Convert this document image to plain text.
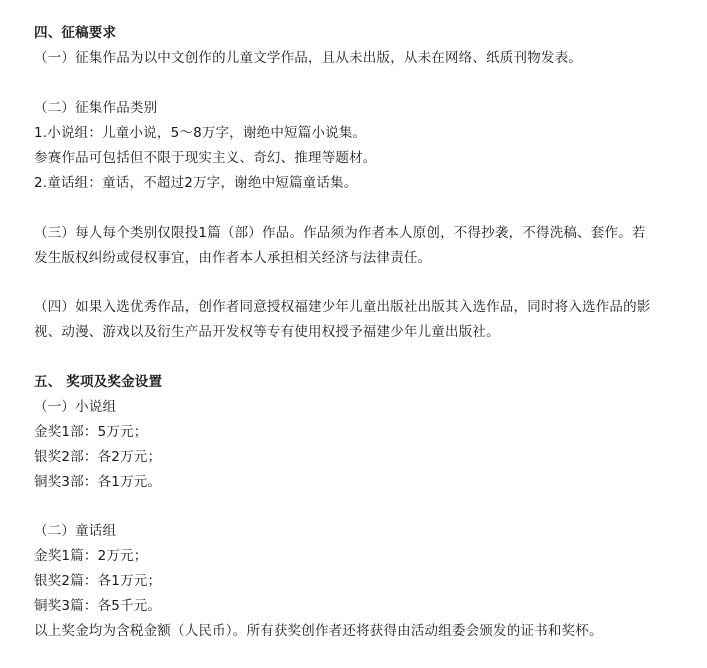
四、征稿要求
（一）征集作品为以中文创作的儿童文学作品，且从未出版，从未在网络、纸质刊物发表。
（二）征集作品类别
1.小说组：儿童小说，5～8万字，谢绝中短篇小说集。
参赛作品可包括但不限于现实主义、奇幻、推理等题材。
2.童话组：童话，不超过2万字，谢绝中短篇童话集。
（三）每人每个类别仅限投1篇（部）作品。作品须为作者本人原创，不得抄袭，不得洗稿、套作。若
发生版权纠纷或侵权事宜，由作者本人承担相关经济与法律责任。
（四）如果入选优秀作品，创作者同意授权福建少年儿童出版社出版其入选作品，同时将入选作品的影
视、动漫、游戏以及衍生产品开发权等专有使用权授予福建少年儿童出版社。
五、 奖项及奖金设置
（一）小说组
金奖1部：5万元；
银奖2部：各2万元；
铜奖3部：各1万元。
（二）童话组
金奖1篇：2万元；
银奖2篇：各1万元；
铜奖3篇：各5千元。
以上奖金均为含税金额（人民币）。所有获奖创作者还将获得由活动组委会颁发的证书和奖杯。
